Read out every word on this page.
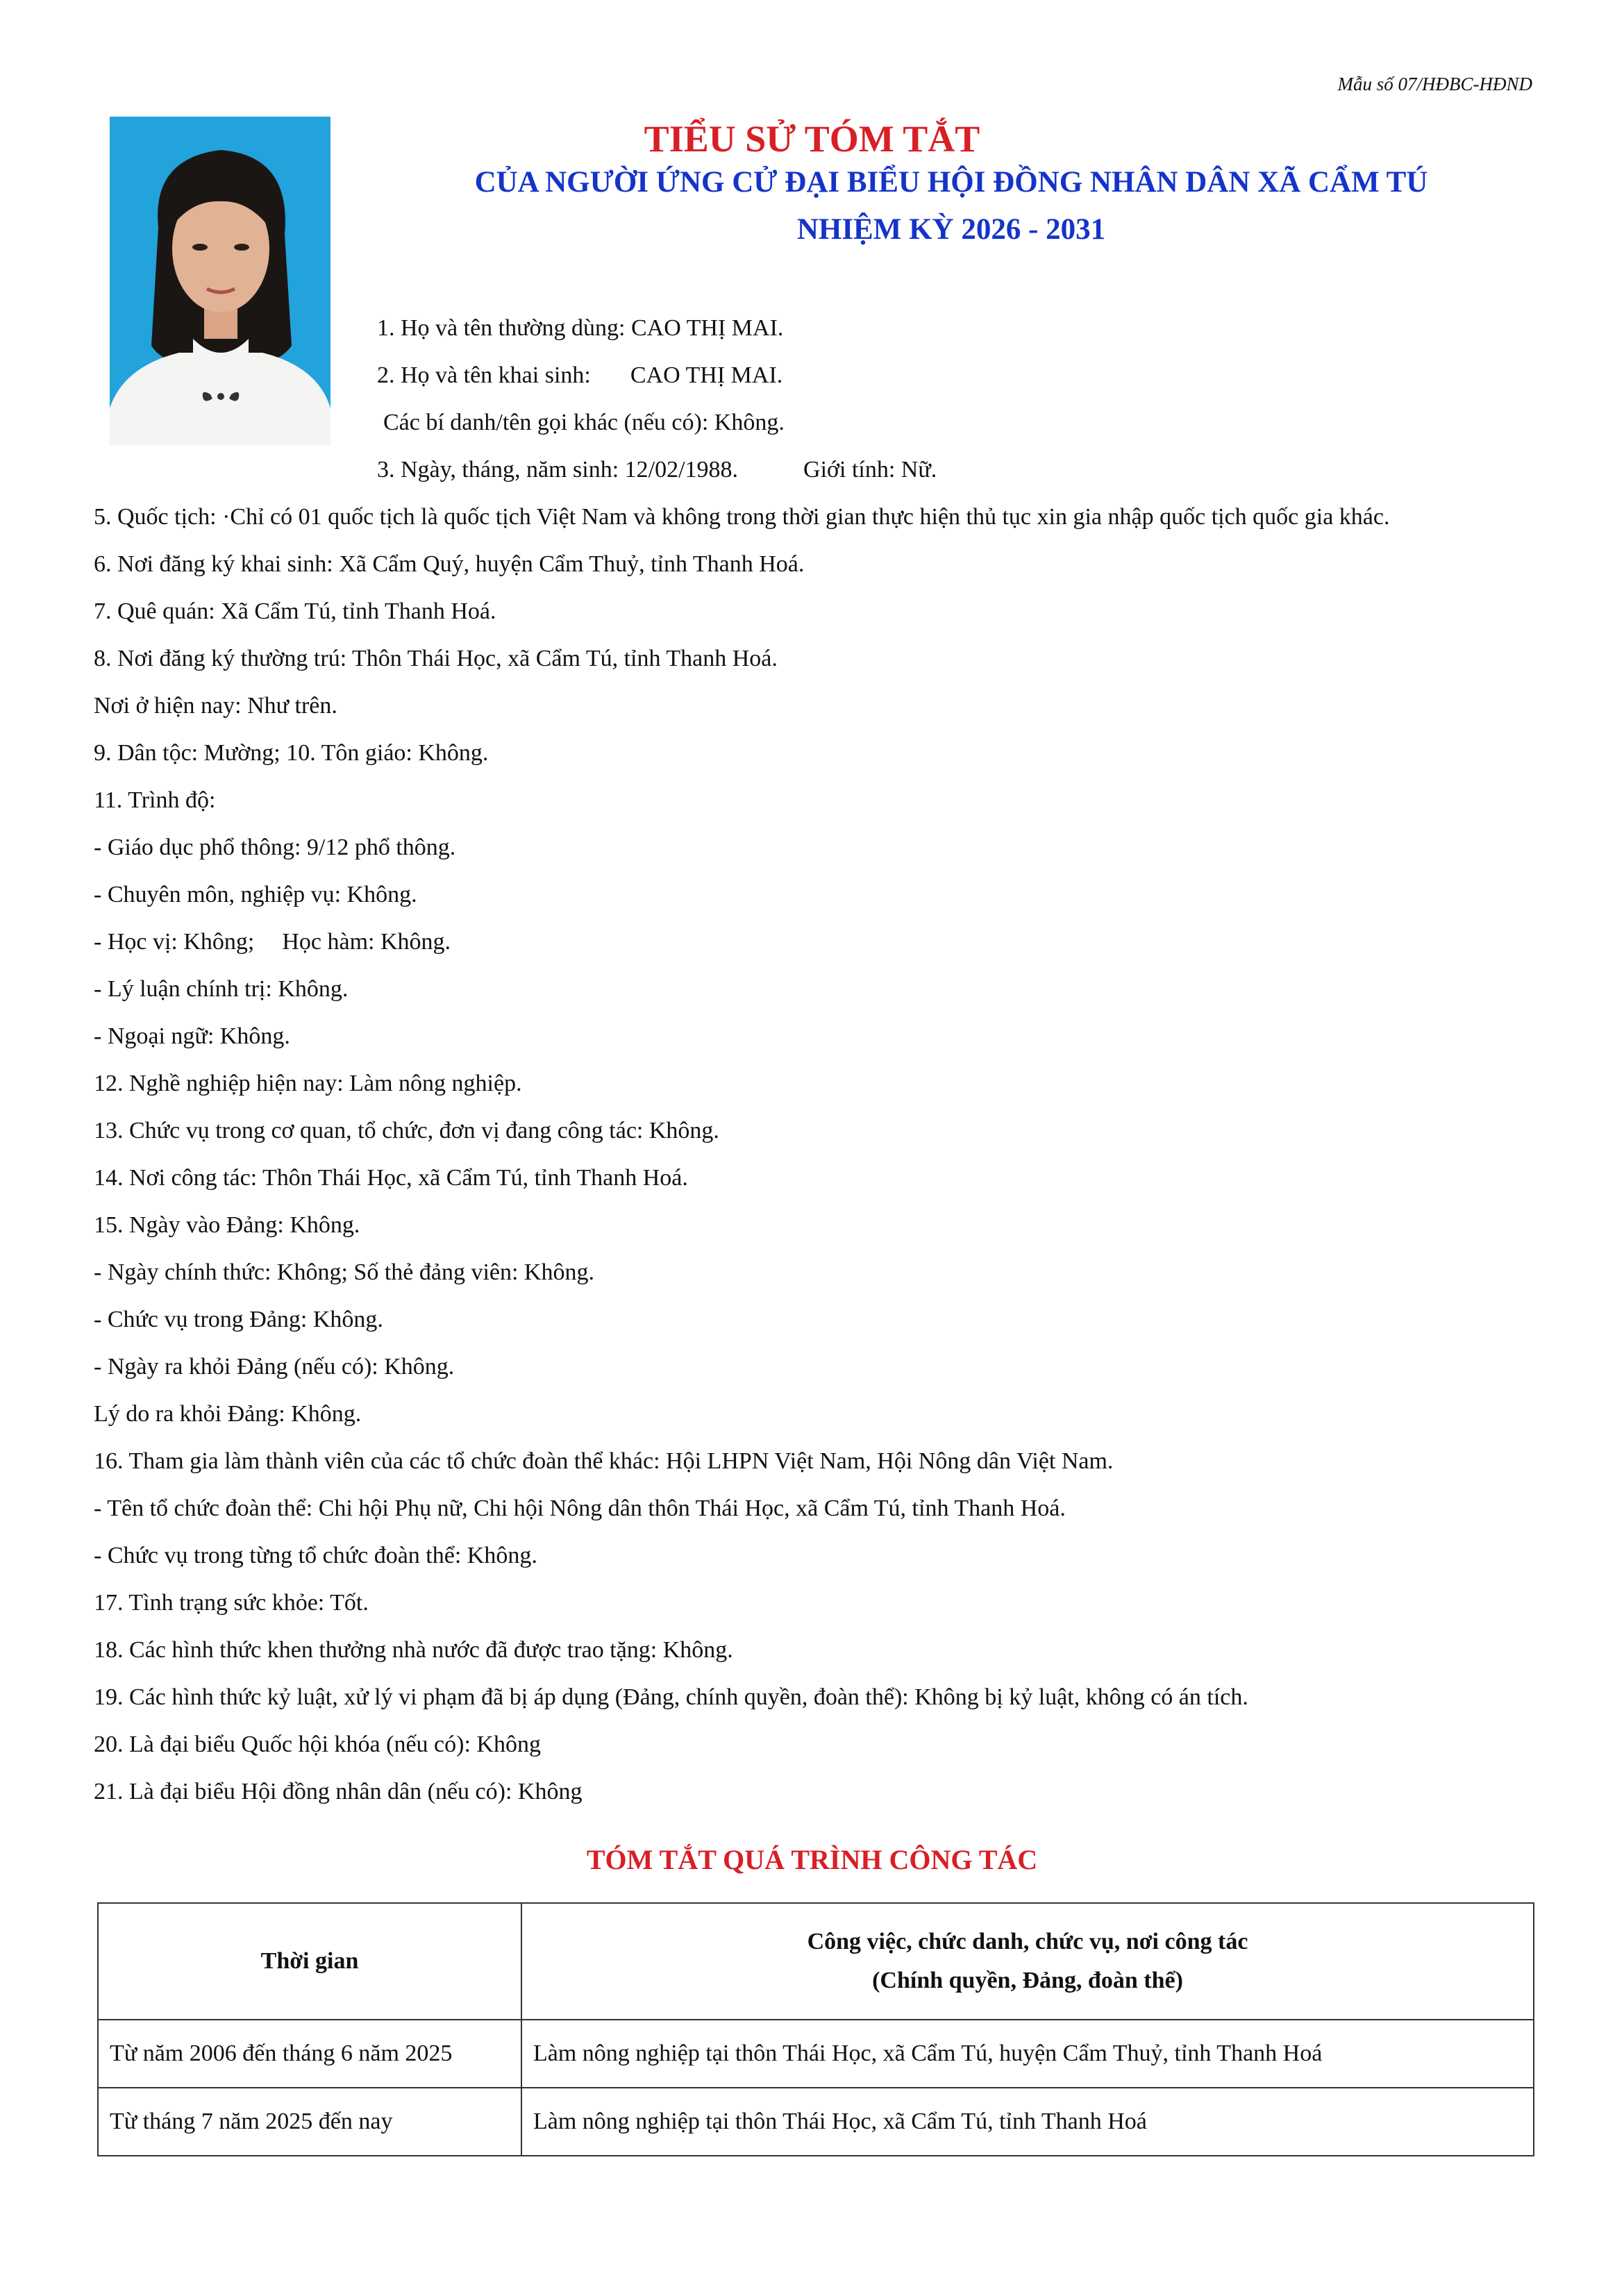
Mẫu số 07/HĐBC-HĐND
TIỂU SỬ TÓM TẮT
CỦA NGƯỜI ỨNG CỬ ĐẠI BIỂU HỘI ĐỒNG NHÂN DÂN XÃ CẨM TÚ
NHIỆM KỲ 2026 - 2031
1. Họ và tên thường dùng: CAO THỊ MAI.
2. Họ và tên khai sinh: CAO THỊ MAI.
Các bí danh/tên gọi khác (nếu có): Không.
3. Ngày, tháng, năm sinh: 12/02/1988.	Giới tính: Nữ.
5. Quốc tịch: ·Chỉ có 01 quốc tịch là quốc tịch Việt Nam và không trong thời gian thực hiện thủ tục xin gia nhập quốc tịch quốc gia khác.
6. Nơi đăng ký khai sinh: Xã Cẩm Quý, huyện Cẩm Thuỷ, tỉnh Thanh Hoá.
7. Quê quán: Xã Cẩm Tú, tỉnh Thanh Hoá.
8. Nơi đăng ký thường trú: Thôn Thái Học, xã Cẩm Tú, tỉnh Thanh Hoá.
Nơi ở hiện nay: Như trên.
9. Dân tộc: Mường; 10. Tôn giáo: Không.
11. Trình độ:
- Giáo dục phổ thông: 9/12 phổ thông.
- Chuyên môn, nghiệp vụ: Không.
- Học vị: Không; Học hàm: Không.
- Lý luận chính trị: Không.
- Ngoại ngữ: Không.
12. Nghề nghiệp hiện nay: Làm nông nghiệp.
13. Chức vụ trong cơ quan, tổ chức, đơn vị đang công tác: Không.
14. Nơi công tác: Thôn Thái Học, xã Cẩm Tú, tỉnh Thanh Hoá.
15. Ngày vào Đảng: Không.
- Ngày chính thức: Không; Số thẻ đảng viên: Không.
- Chức vụ trong Đảng: Không.
- Ngày ra khỏi Đảng (nếu có): Không.
Lý do ra khỏi Đảng: Không.
16. Tham gia làm thành viên của các tổ chức đoàn thể khác: Hội LHPN Việt Nam, Hội Nông dân Việt Nam.
- Tên tổ chức đoàn thể: Chi hội Phụ nữ, Chi hội Nông dân thôn Thái Học, xã Cẩm Tú, tỉnh Thanh Hoá.
- Chức vụ trong từng tổ chức đoàn thể: Không.
17. Tình trạng sức khỏe: Tốt.
18. Các hình thức khen thưởng nhà nước đã được trao tặng: Không.
19. Các hình thức kỷ luật, xử lý vi phạm đã bị áp dụng (Đảng, chính quyền, đoàn thể): Không bị kỷ luật, không có án tích.
20. Là đại biểu Quốc hội khóa (nếu có): Không
21. Là đại biểu Hội đồng nhân dân (nếu có): Không
TÓM TẮT QUÁ TRÌNH CÔNG TÁC
Thời gian	Công việc, chức danh, chức vụ, nơi công tác
(Chính quyền, Đảng, đoàn thể)

Từ năm 2006 đến tháng 6 năm 2025	Làm nông nghiệp tại thôn Thái Học, xã Cẩm Tú, huyện Cẩm Thuỷ, tỉnh Thanh Hoá
Từ tháng 7 năm 2025 đến nay	Làm nông nghiệp tại thôn Thái Học, xã Cẩm Tú, tỉnh Thanh Hoá
